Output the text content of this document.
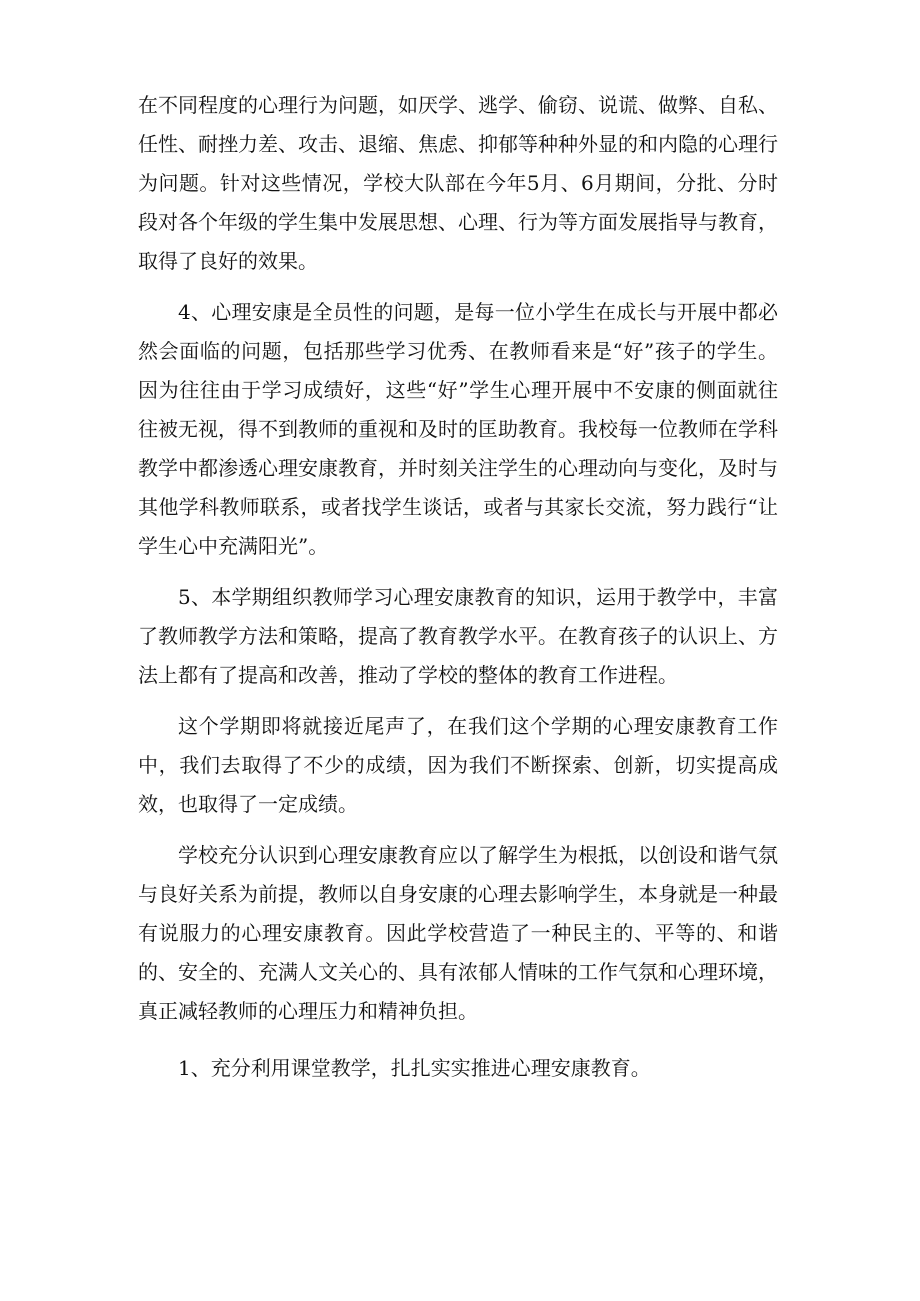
在不同程度的心理行为问题，如厌学、逃学、偷窃、说谎、做弊、自私、任性、耐挫力差、攻击、退缩、焦虑、抑郁等种种外显的和内隐的心理行为问题。针对这些情况，学校大队部在今年5月、6月期间，分批、分时段对各个年级的学生集中发展思想、心理、行为等方面发展指导与教育，取得了良好的效果。

4、心理安康是全员性的问题，是每一位小学生在成长与开展中都必然会面临的问题，包括那些学习优秀、在教师看来是“好”孩子的学生。因为往往由于学习成绩好，这些“好”学生心理开展中不安康的侧面就往往被无视，得不到教师的重视和及时的匡助教育。我校每一位教师在学科教学中都渗透心理安康教育，并时刻关注学生的心理动向与变化，及时与其他学科教师联系，或者找学生谈话，或者与其家长交流，努力践行“让学生心中充满阳光”。

5、本学期组织教师学习心理安康教育的知识，运用于教学中，丰富了教师教学方法和策略，提高了教育教学水平。在教育孩子的认识上、方法上都有了提高和改善，推动了学校的整体的教育工作进程。

这个学期即将就接近尾声了，在我们这个学期的心理安康教育工作中，我们去取得了不少的成绩，因为我们不断探索、创新，切实提高成效，也取得了一定成绩。

学校充分认识到心理安康教育应以了解学生为根抵，以创设和谐气氛与良好关系为前提，教师以自身安康的心理去影响学生，本身就是一种最有说服力的心理安康教育。因此学校营造了一种民主的、平等的、和谐的、安全的、充满人文关心的、具有浓郁人情味的工作气氛和心理环境，真正减轻教师的心理压力和精神负担。

1、充分利用课堂教学，扎扎实实推进心理安康教育。
